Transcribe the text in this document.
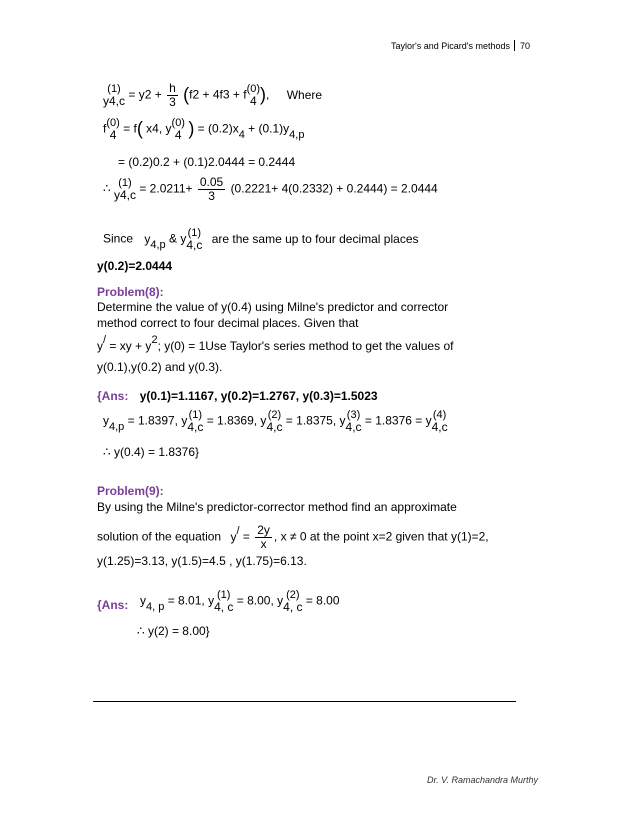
Taylor's and Picard's methods 70
(1)
$y4,c = y2 + \frac{h}{3} (f2 + 4f3 + f$ (0)
4 ), Where
f (0)
4 = f( x4, y (0)
4 ) = (0.2)x4 + (0.1)y4,p
= (0.2)0.2 + (0.1)2.0444 = 0.2444
∴ (1)
$y4,c = 2.0211+ \frac{0.05}{3} (0.2221+ 4(0.2332) + 0.2444) = 2.0444$
Since y4,p & y (1)
4,c are the same up to four decimal places
y(0.2)=2.0444
Problem(8):
Determine the value of y(0.4) using Milne's predictor and corrector
method correct to four decimal places. Given that
y/ = xy + y2; y(0) = 1Use Taylor's series method to get the values of
y(0.1),y(0.2) and y(0.3).
{Ans: y(0.1)=1.1167, y(0.2)=1.2767, y(0.3)=1.5023
y4,p = 1.8397, y (1)
4,c = 1.8369, y (2)
4,c = 1.8375, y (3)
4,c = 1.8376 = y (4)
4,c
∴ y(0.4) = 1.8376}
Problem(9):
By using the Milne's predictor-corrector method find an approximate
solution of the equation $y/ = \frac{2y}{x}$ , x ≠ 0 at the point x=2 given that y(1)=2,
y(1.25)=3.13, y(1.5)=4.5 , y(1.75)=6.13.
{Ans: y4, p = 8.01, y (1)
4, c = 8.00, y (2)
4, c = 8.00
∴ y(2) = 8.00}
Dr. V. Ramachandra Murthy
